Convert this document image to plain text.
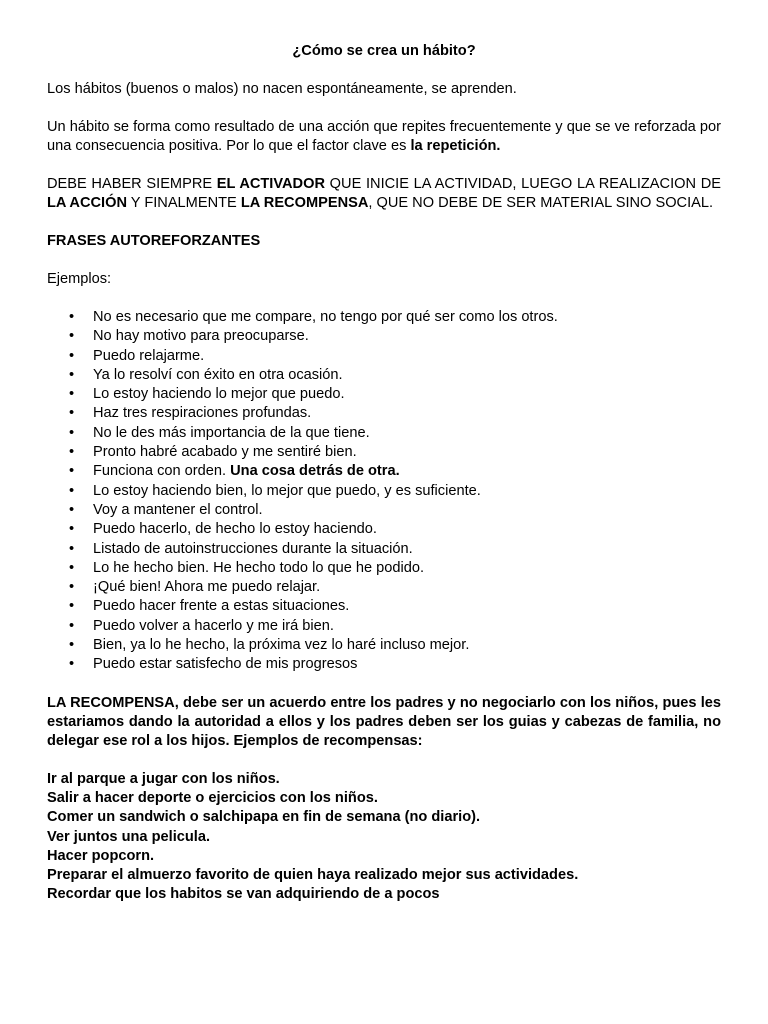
¿Cómo se crea un hábito?

Los hábitos (buenos o malos) no nacen espontáneamente, se aprenden.

Un hábito se forma como resultado de una acción que repites frecuentemente y que se ve reforzada por una consecuencia positiva. Por lo que el factor clave es la repetición.

DEBE HABER SIEMPRE EL ACTIVADOR QUE INICIE LA ACTIVIDAD, LUEGO LA REALIZACION DE LA ACCIÓN Y FINALMENTE LA RECOMPENSA, QUE NO DEBE DE SER MATERIAL SINO SOCIAL.

FRASES AUTOREFORZANTES

Ejemplos:

• No es necesario que me compare, no tengo por qué ser como los otros.
• No hay motivo para preocuparse.
• Puedo relajarme.
• Ya lo resolví con éxito en otra ocasión.
• Lo estoy haciendo lo mejor que puedo.
• Haz tres respiraciones profundas.
• No le des más importancia de la que tiene.
• Pronto habré acabado y me sentiré bien.
• Funciona con orden. Una cosa detrás de otra.
• Lo estoy haciendo bien, lo mejor que puedo, y es suficiente.
• Voy a mantener el control.
• Puedo hacerlo, de hecho lo estoy haciendo.
• Listado de autoinstrucciones durante la situación.
• Lo he hecho bien. He hecho todo lo que he podido.
• ¡Qué bien! Ahora me puedo relajar.
• Puedo hacer frente a estas situaciones.
• Puedo volver a hacerlo y me irá bien.
• Bien, ya lo he hecho, la próxima vez lo haré incluso mejor.
• Puedo estar satisfecho de mis progresos
LA RECOMPENSA, debe ser un acuerdo entre los padres y no negociarlo con los niños, pues les estariamos dando la autoridad a ellos y los padres deben ser los guias y cabezas de familia, no delegar ese rol a los hijos. Ejemplos de recompensas:
Ir al parque a jugar con los niños.
Salir a hacer deporte o ejercicios con los niños.
Comer un sandwich o salchipapa en fin de semana (no diario).
Ver juntos una pelicula.
Hacer popcorn.
Preparar el almuerzo favorito de quien haya realizado mejor sus actividades.
Recordar que los habitos se van adquiriendo de a pocos
